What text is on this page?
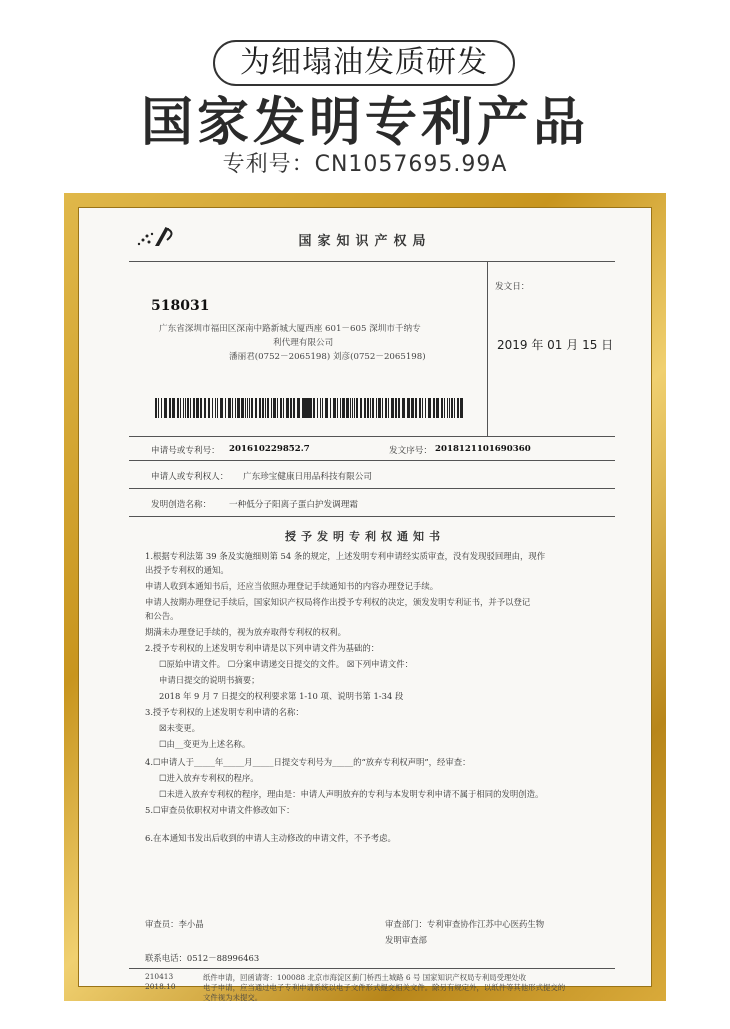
为细塌油发质研发
国家发明专利产品
专利号：CN1057695.99A
国家知识产权局
518031
广东省深圳市福田区深南中路新城大厦西座 601－605 深圳市千纳专
利代理有限公司
潘丽君(0752－2065198) 刘彦(0752－2065198)
发文日：
2019 年 01 月 15 日
申请号或专利号： 201610229852.7	发文序号： 2018121101690360
申请人或专利权人： 广东珍宝健康日用品科技有限公司
发明创造名称： 一种低分子阳离子蛋白护发调理霜
授予发明专利权通知书
1.根据专利法第 39 条及实施细则第 54 条的规定，上述发明专利申请经实质审查，没有发现驳回理由，现作
出授予专利权的通知。
申请人收到本通知书后，还应当依照办理登记手续通知书的内容办理登记手续。
申请人按期办理登记手续后，国家知识产权局将作出授予专利权的决定，颁发发明专利证书，并予以登记
和公告。
期满未办理登记手续的，视为放弃取得专利权的权利。
2.授予专利权的上述发明专利申请是以下列申请文件为基础的：
☐原始申请文件。 ☐分案申请递交日提交的文件。 ☒下列申请文件：
申请日提交的说明书摘要；
2018 年 9 月 7 日提交的权利要求第 1-10 项、说明书第 1-34 段
3.授予专利权的上述发明专利申请的名称：
☒未变更。
☐由__变更为上述名称。
4.☐申请人于_____年_____月_____日提交专利号为_____的“放弃专利权声明”，经审查：
☐进入放弃专利权的程序。
☐未进入放弃专利权的程序，理由是：申请人声明放弃的专利与本发明专利申请不属于相同的发明创造。
5.☐审查员依职权对申请文件修改如下：
6.在本通知书发出后收到的申请人主动修改的申请文件，不予考虑。
审查员：李小晶	审查部门：专利审查协作江苏中心医药生物
发明审查部
联系电话：0512－88996463
210413
2018.10
纸件申请，回函请寄：100088 北京市海淀区蓟门桥西土城路 6 号 国家知识产权局专利局受理处收
电子申请，应当通过电子专利申请系统以电子文件形式提交相关文件。除另有规定外，以纸件等其他形式提交的
文件视为未提交。
